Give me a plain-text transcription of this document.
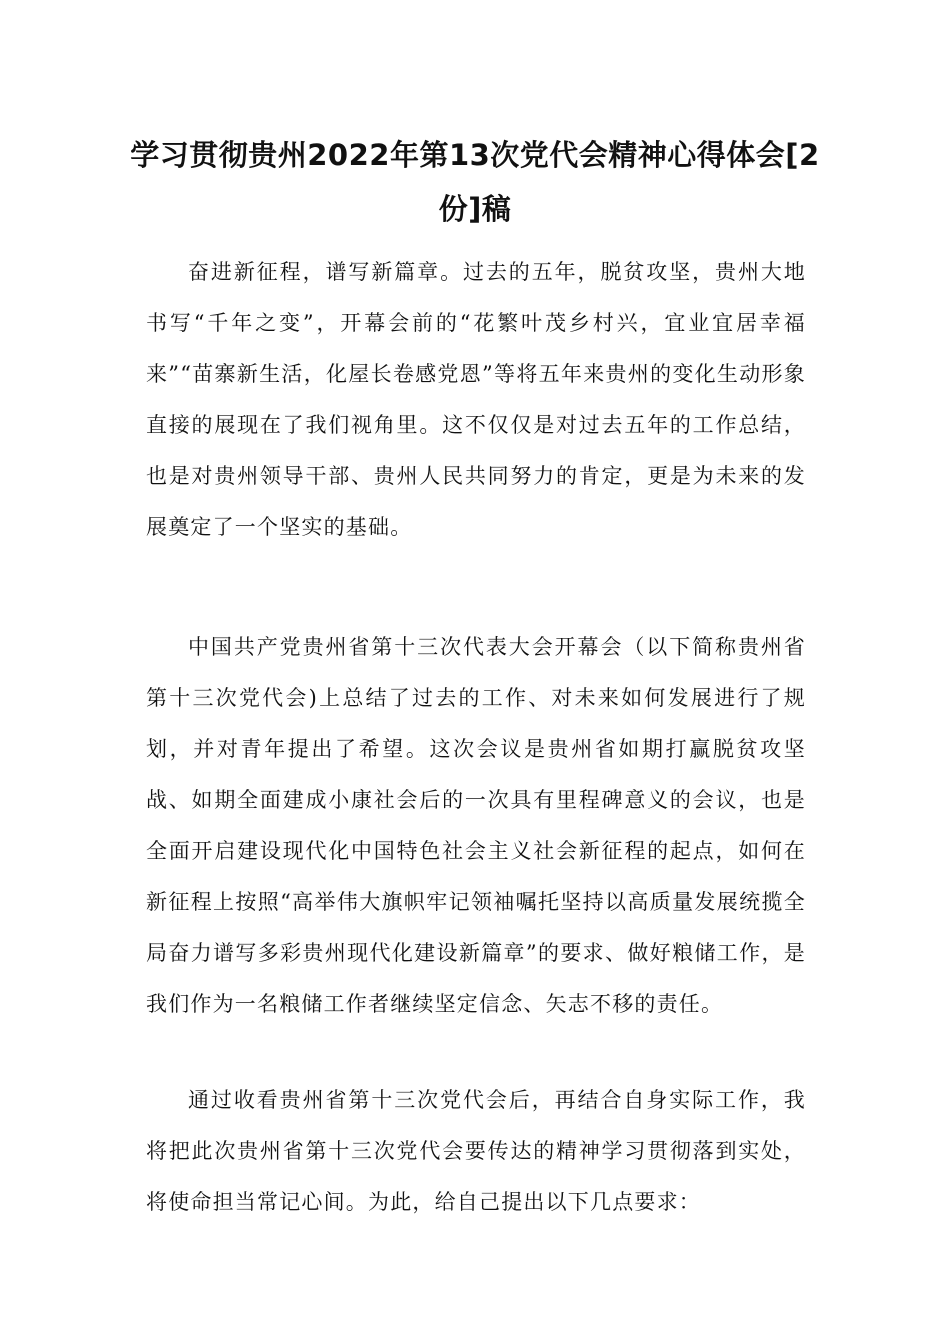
学习贯彻贵州2022年第13次党代会精神心得体会[2份]稿

奋进新征程，谱写新篇章。过去的五年，脱贫攻坚，贵州大地书写“千年之变”，开幕会前的“花繁叶茂乡村兴，宜业宜居幸福来”“苗寨新生活，化屋长卷感党恩”等将五年来贵州的变化生动形象直接的展现在了我们视角里。这不仅仅是对过去五年的工作总结，也是对贵州领导干部、贵州人民共同努力的肯定，更是为未来的发展奠定了一个坚实的基础。

中国共产党贵州省第十三次代表大会开幕会（以下简称贵州省第十三次党代会)上总结了过去的工作、对未来如何发展进行了规划，并对青年提出了希望。这次会议是贵州省如期打赢脱贫攻坚战、如期全面建成小康社会后的一次具有里程碑意义的会议，也是全面开启建设现代化中国特色社会主义社会新征程的起点，如何在新征程上按照“高举伟大旗帜牢记领袖嘱托坚持以高质量发展统揽全局奋力谱写多彩贵州现代化建设新篇章”的要求、做好粮储工作，是我们作为一名粮储工作者继续坚定信念、矢志不移的责任。

通过收看贵州省第十三次党代会后，再结合自身实际工作，我将把此次贵州省第十三次党代会要传达的精神学习贯彻落到实处，将使命担当常记心间。为此，给自己提出以下几点要求：
